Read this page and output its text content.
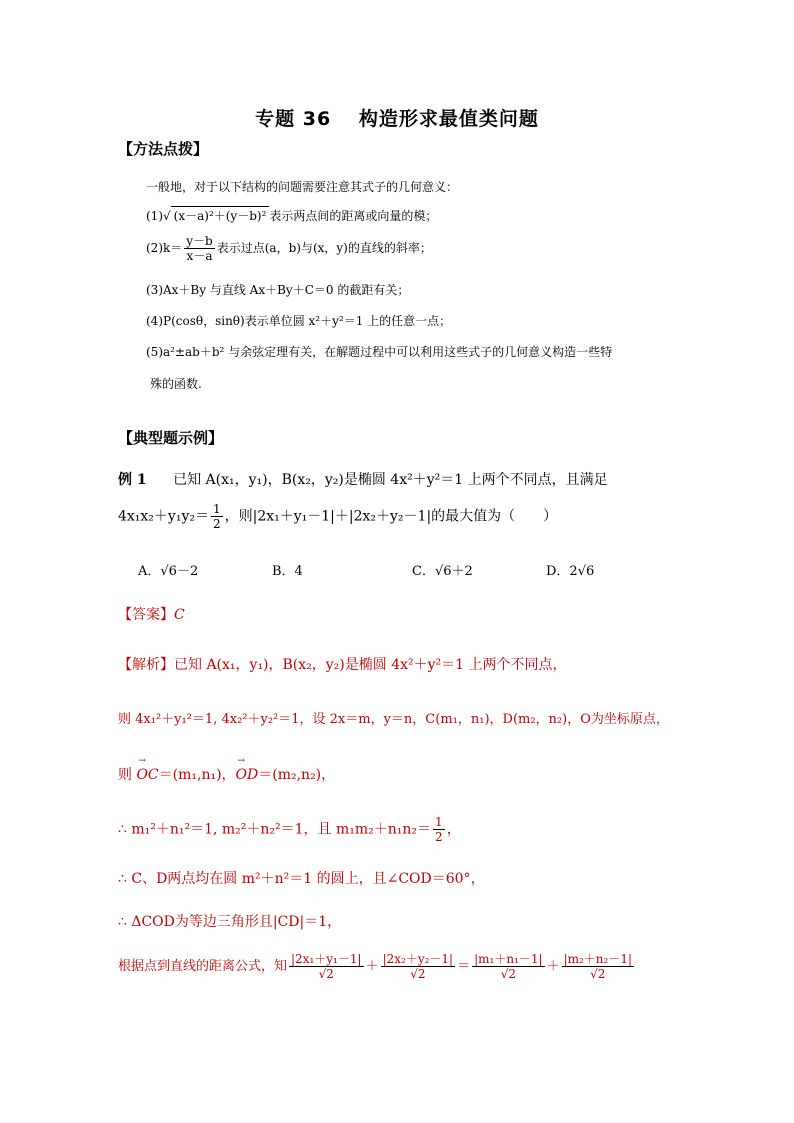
专题 36　 构造形求最值类问题
【方法点拨】
一般地，对于以下结构的问题需要注意其式子的几何意义：
(1)√ (x－a)²＋(y－b)² 表示两点间的距离或向量的模；
$(2)k= \frac{y-b}{x-a}$ 表示过点(a，b)与(x，y)的直线的斜率；
(3)Ax＋By 与直线 Ax＋By＋C＝0 的截距有关；
(4)P(cosθ，sinθ)表示单位圆 x²＋y²＝1 上的任意一点；
(5)a²±ab＋b² 与余弦定理有关，在解题过程中可以利用这些式子的几何意义构造一些特
殊的函数.
【典型题示例】
例 1 已知 A(x₁，y₁)，B(x₂，y₂)是椭圆 4x²＋y²＝1 上两个不同点，且满足
$4x_1x_2+y_1y_2= \frac{1}{2}$ ，则|2x₁＋y₁－1|＋|2x₂＋y₂－1|的最大值为（　　）
A．√6－2	B．4	C．√6＋2	D．2√6
【答案】C
【解析】已知 A(x₁，y₁)，B(x₂，y₂)是椭圆 4x²＋y²＝1 上两个不同点，
则 4x₁²＋y₁²＝1, 4x₂²＋y₂²＝1，设 2x＝m，y＝n，C(m₁，n₁)，D(m₂，n₂)，O为坐标原点，
则 → OC＝(m₁,n₁)，→ OD＝(m₂,n₂)，
∴ m₁²＋n₁²＝1, m₂²＋n₂²＝1，且 $m_1m_2+n_1n_2= \frac{1}{2}$ ，
∴ C、D两点均在圆 m²＋n²＝1 的圆上，且∠COD＝60°，
∴ ΔCOD为等边三角形且|CD|＝1，
根据点到直线的距离公式，知 $\frac{\text{|2x₁＋y₁－1|}}{√2} + \frac{\text{|2x₂＋y₂－1|}}{√2} = \frac{\text{|m₁＋n₁－1|}}{√2} + \frac{\text{|m₂＋n₂－1|}}{√2}$
